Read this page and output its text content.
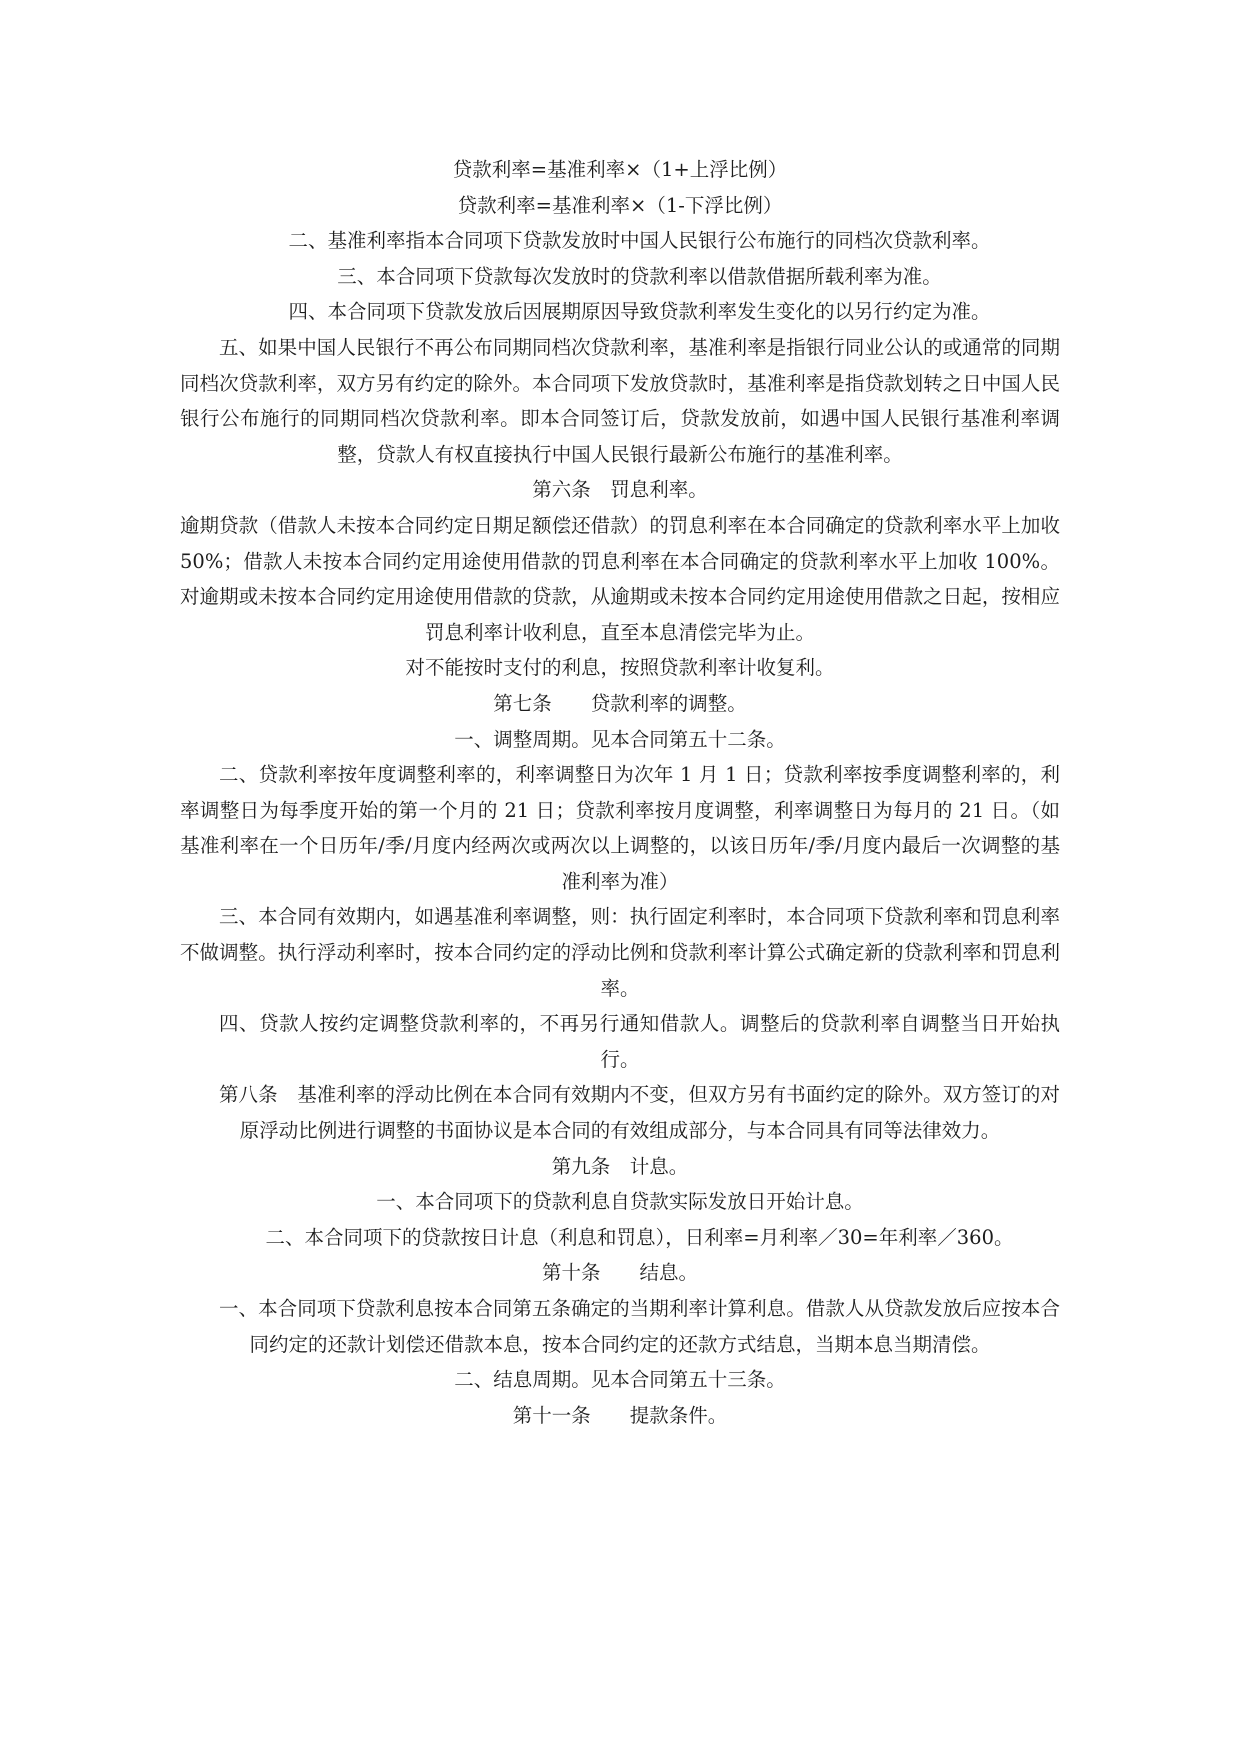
贷款利率=基准利率×（1+上浮比例）

贷款利率=基准利率×（1-下浮比例）

二、基准利率指本合同项下贷款发放时中国人民银行公布施行的同档次贷款利率。

三、本合同项下贷款每次发放时的贷款利率以借款借据所载利率为准。

四、本合同项下贷款发放后因展期原因导致贷款利率发生变化的以另行约定为准。

五、如果中国人民银行不再公布同期同档次贷款利率，基准利率是指银行同业公认的或通常的同期同档次贷款利率，双方另有约定的除外。本合同项下发放贷款时，基准利率是指贷款划转之日中国人民银行公布施行的同期同档次贷款利率。即本合同签订后，贷款发放前，如遇中国人民银行基准利率调整，贷款人有权直接执行中国人民银行最新公布施行的基准利率。

第六条　罚息利率。

逾期贷款（借款人未按本合同约定日期足额偿还借款）的罚息利率在本合同确定的贷款利率水平上加收 50%；借款人未按本合同约定用途使用借款的罚息利率在本合同确定的贷款利率水平上加收 100%。对逾期或未按本合同约定用途使用借款的贷款，从逾期或未按本合同约定用途使用借款之日起，按相应罚息利率计收利息，直至本息清偿完毕为止。

对不能按时支付的利息，按照贷款利率计收复利。

第七条　　贷款利率的调整。

一、调整周期。见本合同第五十二条。

二、贷款利率按年度调整利率的，利率调整日为次年 1 月 1 日；贷款利率按季度调整利率的，利率调整日为每季度开始的第一个月的 21 日；贷款利率按月度调整，利率调整日为每月的 21 日。（如基准利率在一个日历年/季/月度内经两次或两次以上调整的，以该日历年/季/月度内最后一次调整的基准利率为准）

三、本合同有效期内，如遇基准利率调整，则：执行固定利率时，本合同项下贷款利率和罚息利率不做调整。执行浮动利率时，按本合同约定的浮动比例和贷款利率计算公式确定新的贷款利率和罚息利率。

四、贷款人按约定调整贷款利率的，不再另行通知借款人。调整后的贷款利率自调整当日开始执行。

第八条　基准利率的浮动比例在本合同有效期内不变，但双方另有书面约定的除外。双方签订的对原浮动比例进行调整的书面协议是本合同的有效组成部分，与本合同具有同等法律效力。

第九条　计息。

一、本合同项下的贷款利息自贷款实际发放日开始计息。

二、本合同项下的贷款按日计息（利息和罚息），日利率=月利率／30=年利率／360。

第十条　　结息。

一、本合同项下贷款利息按本合同第五条确定的当期利率计算利息。借款人从贷款发放后应按本合同约定的还款计划偿还借款本息，按本合同约定的还款方式结息，当期本息当期清偿。

二、结息周期。见本合同第五十三条。

第十一条　　提款条件。
